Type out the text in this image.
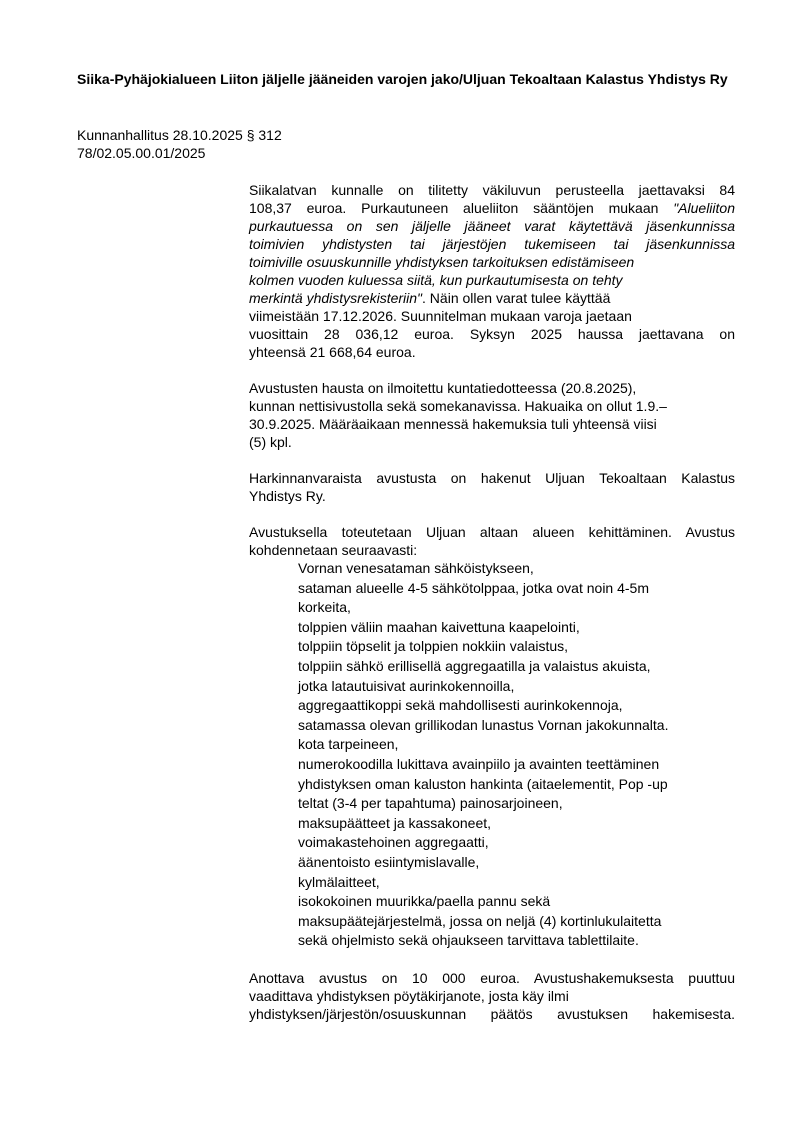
Siika-Pyhäjokialueen Liiton jäljelle jääneiden varojen jako/Uljuan Tekoaltaan Kalastus Yhdistys Ry
Kunnanhallitus 28.10.2025 § 312
78/02.05.00.01/2025
Siikalatvan kunnalle on tilitetty väkiluvun perusteella jaettavaksi 84
108,37 euroa. Purkautuneen alueliiton sääntöjen mukaan "Alueliiton
purkautuessa on sen jäljelle jääneet varat käytettävä jäsenkunnissa
toimivien yhdistysten tai järjestöjen tukemiseen tai jäsenkunnissa
toimiville osuuskunnille yhdistyksen tarkoituksen edistämiseen
kolmen vuoden kuluessa siitä, kun purkautumisesta on tehty
merkintä yhdistysrekisteriin". Näin ollen varat tulee käyttää
viimeistään 17.12.2026. Suunnitelman mukaan varoja jaetaan
vuosittain 28 036,12 euroa. Syksyn 2025 haussa jaettavana on
yhteensä 21 668,64 euroa.
Avustusten hausta on ilmoitettu kuntatiedotteessa (20.8.2025),
kunnan nettisivustolla sekä somekanavissa. Hakuaika on ollut 1.9.–
30.9.2025. Määräaikaan mennessä hakemuksia tuli yhteensä viisi
(5) kpl.
Harkinnanvaraista avustusta on hakenut Uljuan Tekoaltaan Kalastus
Yhdistys Ry.
Avustuksella toteutetaan Uljuan altaan alueen kehittäminen. Avustus
kohdennetaan seuraavasti:
Vornan venesataman sähköistykseen,
sataman alueelle 4-5 sähkötolppaa, jotka ovat noin 4-5m
korkeita,
tolppien väliin maahan kaivettuna kaapelointi,
tolppiin töpselit ja tolppien nokkiin valaistus,
tolppiin sähkö erillisellä aggregaatilla ja valaistus akuista,
jotka latautuisivat aurinkokennoilla,
aggregaattikoppi sekä mahdollisesti aurinkokennoja,
satamassa olevan grillikodan lunastus Vornan jakokunnalta.
kota tarpeineen,
numerokoodilla lukittava avainpiilo ja avainten teettäminen
yhdistyksen oman kaluston hankinta (aitaelementit, Pop -up
teltat (3-4 per tapahtuma) painosarjoineen,
maksupäätteet ja kassakoneet,
voimakastehoinen aggregaatti,
äänentoisto esiintymislavalle,
kylmälaitteet,
isokokoinen muurikka/paella pannu sekä
maksupäätejärjestelmä, jossa on neljä (4) kortinlukulaitetta
sekä ohjelmisto sekä ohjaukseen tarvittava tablettilaite.
Anottava avustus on 10 000 euroa. Avustushakemuksesta puuttuu
vaadittava yhdistyksen pöytäkirjanote, josta käy ilmi
yhdistyksen/järjestön/osuuskunnan päätös avustuksen hakemisesta.
